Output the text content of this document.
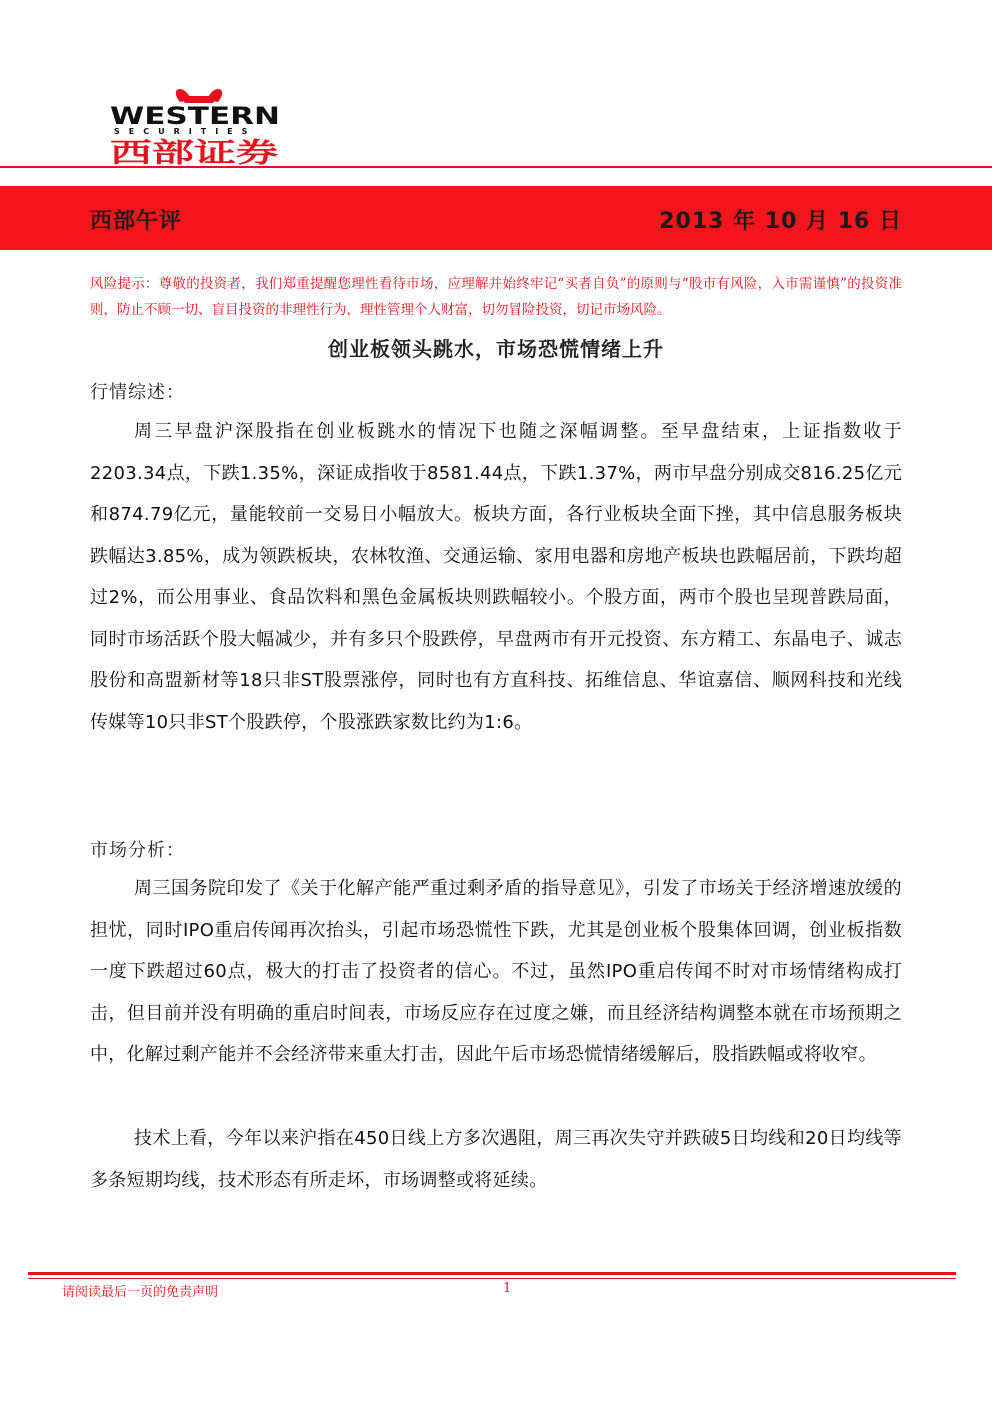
WESTERN
SECURITIES
西部证券
西部午评	2013 年 10 月 16 日
风险提示：尊敬的投资者，我们郑重提醒您理性看待市场，应理解并始终牢记“买者自负”的原则与“股市有风险，入市需谨慎”的投资准则，防止不顾一切、盲目投资的非理性行为，理性管理个人财富，切勿冒险投资，切记市场风险。
创业板领头跳水，市场恐慌情绪上升
行情综述：

周三早盘沪深股指在创业板跳水的情况下也随之深幅调整。至早盘结束，上证指数收于2203.34点，下跌1.35%，深证成指收于8581.44点，下跌1.37%，两市早盘分别成交816.25亿元和874.79亿元，量能较前一交易日小幅放大。板块方面，各行业板块全面下挫，其中信息服务板块跌幅达3.85%，成为领跌板块，农林牧渔、交通运输、家用电器和房地产板块也跌幅居前，下跌均超过2%，而公用事业、食品饮料和黑色金属板块则跌幅较小。个股方面，两市个股也呈现普跌局面，同时市场活跃个股大幅减少，并有多只个股跌停，早盘两市有开元投资、东方精工、东晶电子、诚志股份和高盟新材等18只非ST股票涨停，同时也有方直科技、拓维信息、华谊嘉信、顺网科技和光线传媒等10只非ST个股跌停，个股涨跌家数比约为1:6。

市场分析：

周三国务院印发了《关于化解产能严重过剩矛盾的指导意见》，引发了市场关于经济增速放缓的担忧，同时IPO重启传闻再次抬头，引起市场恐慌性下跌，尤其是创业板个股集体回调，创业板指数一度下跌超过60点，极大的打击了投资者的信心。不过，虽然IPO重启传闻不时对市场情绪构成打击，但目前并没有明确的重启时间表，市场反应存在过度之嫌，而且经济结构调整本就在市场预期之中，化解过剩产能并不会经济带来重大打击，因此午后市场恐慌情绪缓解后，股指跌幅或将收窄。

技术上看，今年以来沪指在450日线上方多次遇阻，周三再次失守并跌破5日均线和20日均线等多条短期均线，技术形态有所走坏，市场调整或将延续。

请阅读最后一页的免责声明	1
